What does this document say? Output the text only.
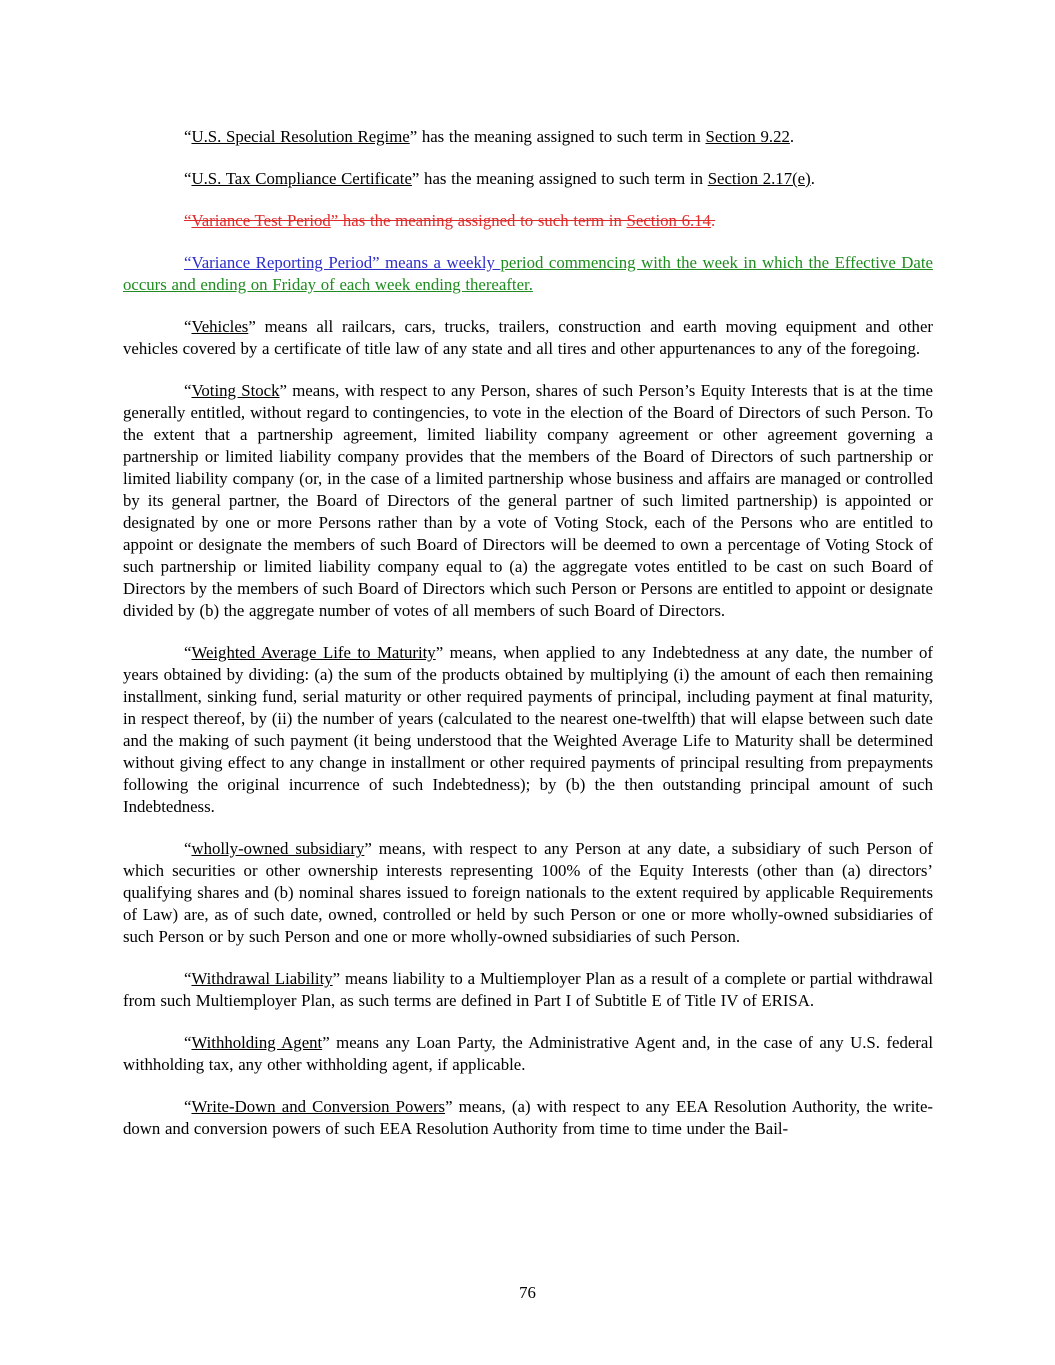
“U.S. Special Resolution Regime” has the meaning assigned to such term in Section 9.22.

“U.S. Tax Compliance Certificate” has the meaning assigned to such term in Section 2.17(e).

“Variance Test Period” has the meaning assigned to such term in Section 6.14.

“Variance Reporting Period” means a weekly period commencing with the week in which the Effective Date occurs and ending on Friday of each week ending thereafter.

“Vehicles” means all railcars, cars, trucks, trailers, construction and earth moving equipment and other vehicles covered by a certificate of title law of any state and all tires and other appurtenances to any of the foregoing.

“Voting Stock” means, with respect to any Person, shares of such Person’s Equity Interests that is at the time generally entitled, without regard to contingencies, to vote in the election of the Board of Directors of such Person. To the extent that a partnership agreement, limited liability company agreement or other agreement governing a partnership or limited liability company provides that the members of the Board of Directors of such partnership or limited liability company (or, in the case of a limited partnership whose business and affairs are managed or controlled by its general partner, the Board of Directors of the general partner of such limited partnership) is appointed or designated by one or more Persons rather than by a vote of Voting Stock, each of the Persons who are entitled to appoint or designate the members of such Board of Directors will be deemed to own a percentage of Voting Stock of such partnership or limited liability company equal to (a) the aggregate votes entitled to be cast on such Board of Directors by the members of such Board of Directors which such Person or Persons are entitled to appoint or designate divided by (b) the aggregate number of votes of all members of such Board of Directors.

“Weighted Average Life to Maturity” means, when applied to any Indebtedness at any date, the number of years obtained by dividing: (a) the sum of the products obtained by multiplying (i) the amount of each then remaining installment, sinking fund, serial maturity or other required payments of principal, including payment at final maturity, in respect thereof, by (ii) the number of years (calculated to the nearest one-twelfth) that will elapse between such date and the making of such payment (it being understood that the Weighted Average Life to Maturity shall be determined without giving effect to any change in installment or other required payments of principal resulting from prepayments following the original incurrence of such Indebtedness); by (b) the then outstanding principal amount of such Indebtedness.

“wholly-owned subsidiary” means, with respect to any Person at any date, a subsidiary of such Person of which securities or other ownership interests representing 100% of the Equity Interests (other than (a) directors’ qualifying shares and (b) nominal shares issued to foreign nationals to the extent required by applicable Requirements of Law) are, as of such date, owned, controlled or held by such Person or one or more wholly-owned subsidiaries of such Person or by such Person and one or more wholly-owned subsidiaries of such Person.

“Withdrawal Liability” means liability to a Multiemployer Plan as a result of a complete or partial withdrawal from such Multiemployer Plan, as such terms are defined in Part I of Subtitle E of Title IV of ERISA.

“Withholding Agent” means any Loan Party, the Administrative Agent and, in the case of any U.S. federal withholding tax, any other withholding agent, if applicable.

“Write-Down and Conversion Powers” means, (a) with respect to any EEA Resolution Authority, the write-down and conversion powers of such EEA Resolution Authority from time to time under the Bail-

76
